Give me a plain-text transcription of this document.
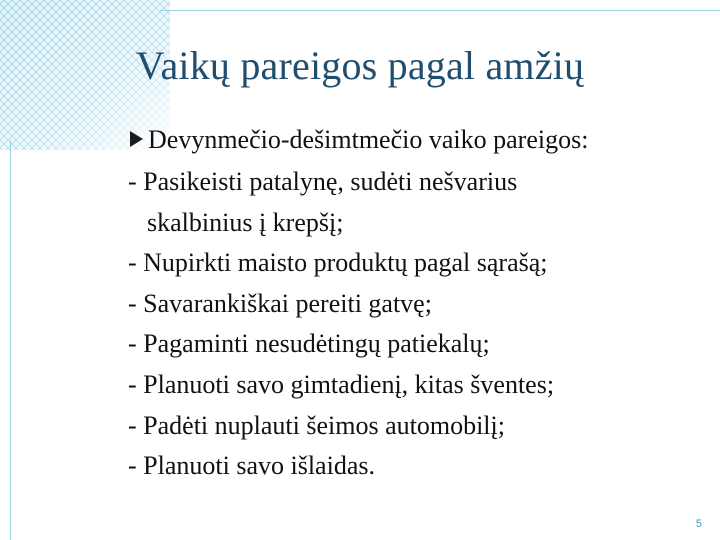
Vaikų pareigos pagal amžių
Devynmečio-dešimtmečio vaiko pareigos:
- Pasikeisti patalynę, sudėti nešvarius
skalbinius į krepšį;
- Nupirkti maisto produktų pagal sąrašą;
- Savarankiškai pereiti gatvę;
- Pagaminti nesudėtingų patiekalų;
- Planuoti savo gimtadienį, kitas šventes;
- Padėti nuplauti šeimos automobilį;
- Planuoti savo išlaidas.
5
